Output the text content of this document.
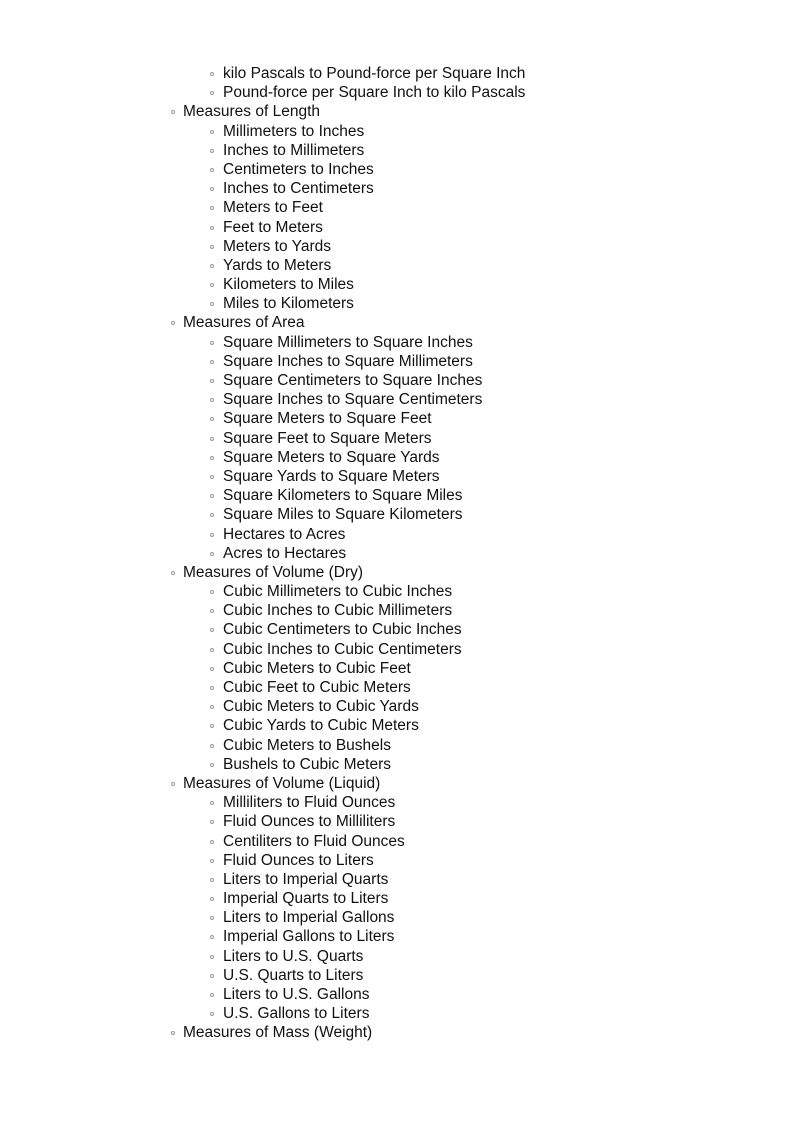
kilo Pascals to Pound-force per Square Inch
Pound-force per Square Inch to kilo Pascals
Measures of Length
Millimeters to Inches
Inches to Millimeters
Centimeters to Inches
Inches to Centimeters
Meters to Feet
Feet to Meters
Meters to Yards
Yards to Meters
Kilometers to Miles
Miles to Kilometers
Measures of Area
Square Millimeters to Square Inches
Square Inches to Square Millimeters
Square Centimeters to Square Inches
Square Inches to Square Centimeters
Square Meters to Square Feet
Square Feet to Square Meters
Square Meters to Square Yards
Square Yards to Square Meters
Square Kilometers to Square Miles
Square Miles to Square Kilometers
Hectares to Acres
Acres to Hectares
Measures of Volume (Dry)
Cubic Millimeters to Cubic Inches
Cubic Inches to Cubic Millimeters
Cubic Centimeters to Cubic Inches
Cubic Inches to Cubic Centimeters
Cubic Meters to Cubic Feet
Cubic Feet to Cubic Meters
Cubic Meters to Cubic Yards
Cubic Yards to Cubic Meters
Cubic Meters to Bushels
Bushels to Cubic Meters
Measures of Volume (Liquid)
Milliliters to Fluid Ounces
Fluid Ounces to Milliliters
Centiliters to Fluid Ounces
Fluid Ounces to Liters
Liters to Imperial Quarts
Imperial Quarts to Liters
Liters to Imperial Gallons
Imperial Gallons to Liters
Liters to U.S. Quarts
U.S. Quarts to Liters
Liters to U.S. Gallons
U.S. Gallons to Liters
Measures of Mass (Weight)
